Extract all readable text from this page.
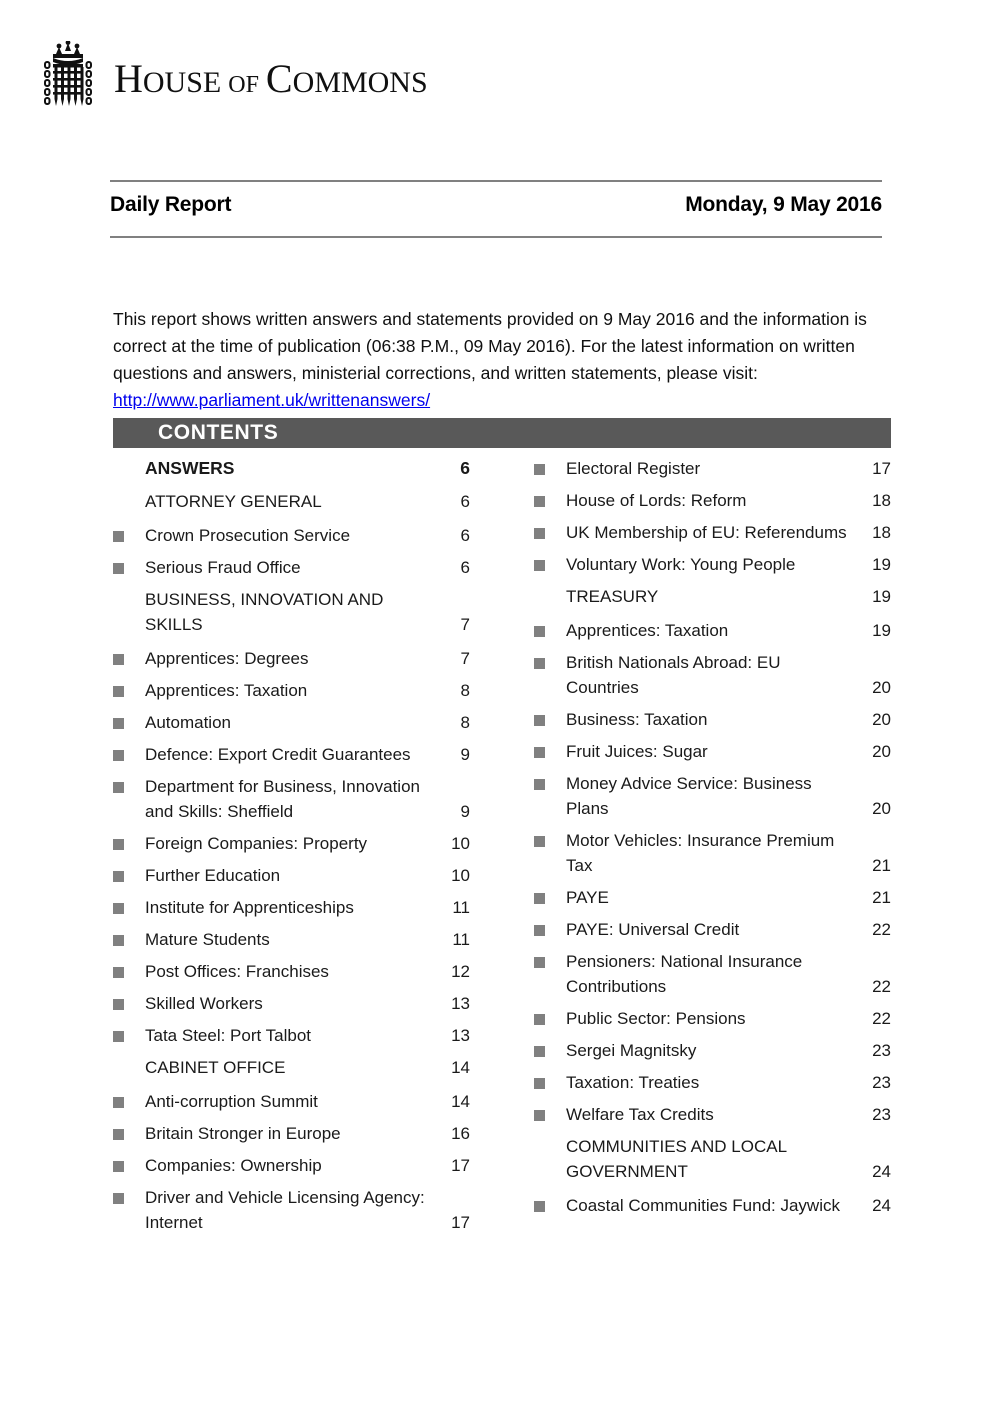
HOUSE OF COMMONS
Daily Report	Monday, 9 May 2016

This report shows written answers and statements provided on 9 May 2016 and the information is correct at the time of publication (06:38 P.M., 09 May 2016). For the latest information on written questions and answers, ministerial corrections, and written statements, please visit: http://www.parliament.uk/writtenanswers/

CONTENTS
ANSWERS	6
ATTORNEY GENERAL	6
Crown Prosecution Service	6
Serious Fraud Office	6
BUSINESS, INNOVATION AND SKILLS	7
Apprentices: Degrees	7
Apprentices: Taxation	8
Automation	8
Defence: Export Credit Guarantees	9
Department for Business, Innovation and Skills: Sheffield	9
Foreign Companies: Property	10
Further Education	10
Institute for Apprenticeships	11
Mature Students	11
Post Offices: Franchises	12
Skilled Workers	13
Tata Steel: Port Talbot	13
CABINET OFFICE	14
Anti-corruption Summit	14
Britain Stronger in Europe	16
Companies: Ownership	17
Driver and Vehicle Licensing Agency: Internet	17
Electoral Register	17
House of Lords: Reform	18
UK Membership of EU: Referendums	18
Voluntary Work: Young People	19
TREASURY	19
Apprentices: Taxation	19
British Nationals Abroad: EU Countries	20
Business: Taxation	20
Fruit Juices: Sugar	20
Money Advice Service: Business Plans	20
Motor Vehicles: Insurance Premium Tax	21
PAYE	21
PAYE: Universal Credit	22
Pensioners: National Insurance Contributions	22
Public Sector: Pensions	22
Sergei Magnitsky	23
Taxation: Treaties	23
Welfare Tax Credits	23
COMMUNITIES AND LOCAL GOVERNMENT	24
Coastal Communities Fund: Jaywick	24
